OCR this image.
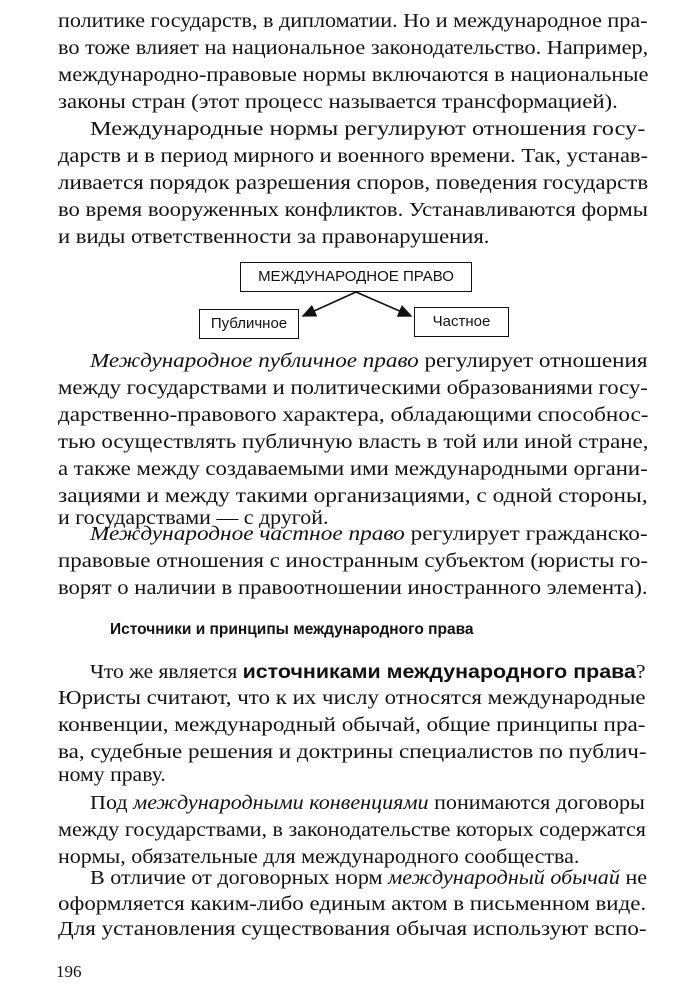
политике государств, в дипломатии. Но и международное пра-
во тоже влияет на национальное законодательство. Например,
международно-правовые нормы включаются в национальные
законы стран (этот процесс называется трансформацией).
Международные нормы регулируют отношения госу-
дарств и в период мирного и военного времени. Так, устанав-
ливается порядок разрешения споров, поведения государств
во время вооруженных конфликтов. Устанавливаются формы
и виды ответственности за правонарушения.
МЕЖДУНАРОДНОЕ ПРАВО
Публичное	Частное
Международное публичное право регулирует отношения
между государствами и политическими образованиями госу-
дарственно-правового характера, обладающими способнос-
тью осуществлять публичную власть в той или иной стране,
а также между создаваемыми ими международными органи-
зациями и между такими организациями, с одной стороны,
и государствами — с другой.
Международное частное право регулирует гражданско-
правовые отношения с иностранным субъектом (юристы го-
ворят о наличии в правоотношении иностранного элемента).
Источники и принципы международного права
Что же является источниками международного права?
Юристы считают, что к их числу относятся международные
конвенции, международный обычай, общие принципы пра-
ва, судебные решения и доктрины специалистов по публич-
ному праву.
Под международными конвенциями понимаются договоры
между государствами, в законодательстве которых содержатся
нормы, обязательные для международного сообщества.
В отличие от договорных норм международный обычай не
оформляется каким-либо единым актом в письменном виде.
Для установления существования обычая используют вспо-
196
